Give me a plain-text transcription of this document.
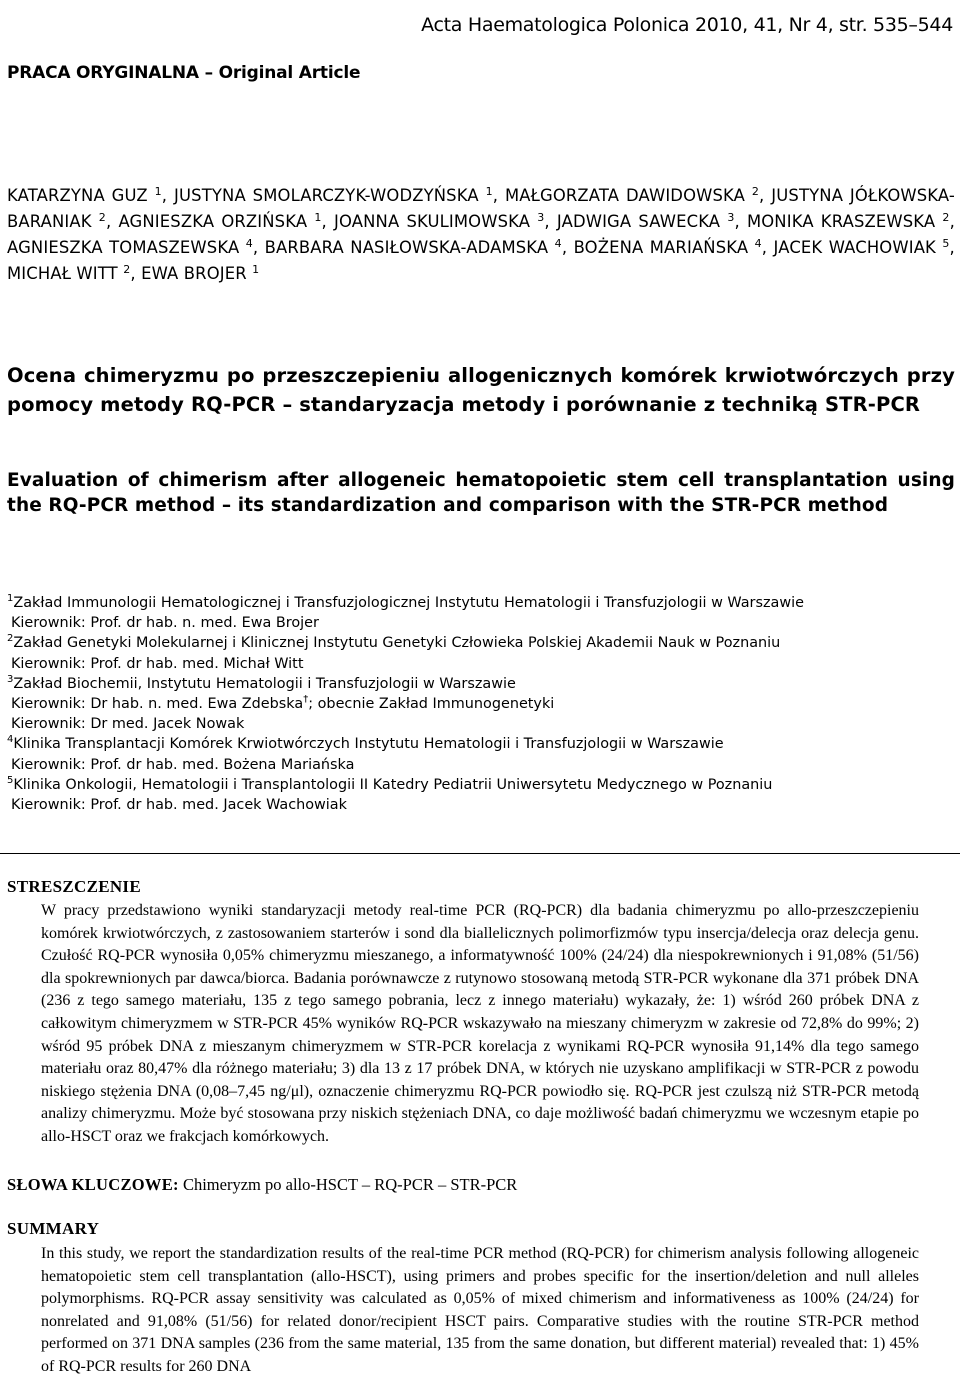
Acta Haematologica Polonica 2010, 41, Nr 4, str. 535–544
PRACA ORYGINALNA – Original Article
KATARZYNA GUZ $^1$, JUSTYNA SMOLARCZYK-WODZYŃSKA $^1$, MAŁGORZATA DAWIDOWSKA $^2$, JUSTYNA JÓŁKOWSKA-BARANIAK $^2$, AGNIESZKA ORZIŃSKA $^1$, JOANNA SKULIMOWSKA $^3$, JADWIGA SAWECKA $^3$, MONIKA KRASZEWSKA $^2$, AGNIESZKA TOMASZEWSKA $^4$, BARBARA NASIŁOWSKA-ADAMSKA $^4$, BOŻENA MARIAŃSKA $^4$, JACEK WACHOWIAK $^5$, MICHAŁ WITT $^2$, EWA BROJER $^1$
Ocena chimeryzmu po przeszczepieniu allogenicznych komórek krwiotwórczych przy pomocy metody RQ-PCR – standaryzacja metody i porównanie z techniką STR-PCR
Evaluation of chimerism after allogeneic hematopoietic stem cell transplantation using the RQ-PCR method – its standardization and comparison with the STR-PCR method
$^1$Zakład Immunologii Hematologicznej i Transfuzjologicznej Instytutu Hematologii i Transfuzjologii w Warszawie
Kierownik: Prof. dr hab. n. med. Ewa Brojer
$^2$Zakład Genetyki Molekularnej i Klinicznej Instytutu Genetyki Człowieka Polskiej Akademii Nauk w Poznaniu
Kierownik: Prof. dr hab. med. Michał Witt
$^3$Zakład Biochemii, Instytutu Hematologii i Transfuzjologii w Warszawie
Kierownik: Dr hab. n. med. Ewa Zdebska†; obecnie Zakład Immunogenetyki
Kierownik: Dr med. Jacek Nowak
$^4$Klinika Transplantacji Komórek Krwiotwórczych Instytutu Hematologii i Transfuzjologii w Warszawie
Kierownik: Prof. dr hab. med. Bożena Mariańska
$^5$Klinika Onkologii, Hematologii i Transplantologii II Katedry Pediatrii Uniwersytetu Medycznego w Poznaniu
Kierownik: Prof. dr hab. med. Jacek Wachowiak
STRESZCZENIE
W pracy przedstawiono wyniki standaryzacji metody real-time PCR (RQ-PCR) dla badania chimeryzmu po allo-przeszczepieniu komórek krwiotwórczych, z zastosowaniem starterów i sond dla biallelicznych polimorfizmów typu insercja/delecja oraz delecja genu. Czułość RQ-PCR wynosiła 0,05% chimeryzmu mieszanego, a informatywność 100% (24/24) dla niespokrewnionych i 91,08% (51/56) dla spokrewnionych par dawca/biorca. Badania porównawcze z rutynowo stosowaną metodą STR-PCR wykonane dla 371 próbek DNA (236 z tego samego materiału, 135 z tego samego pobrania, lecz z innego materiału) wykazały, że: 1) wśród 260 próbek DNA z całkowitym chimeryzmem w STR-PCR 45% wyników RQ-PCR wskazywało na mieszany chimeryzm w zakresie od 72,8% do 99%; 2) wśród 95 próbek DNA z mieszanym chimeryzmem w STR-PCR korelacja z wynikami RQ-PCR wynosiła 91,14% dla tego samego materiału oraz 80,47% dla różnego materiału; 3) dla 13 z 17 próbek DNA, w których nie uzyskano amplifikacji w STR-PCR z powodu niskiego stężenia DNA (0,08–7,45 ng/μl), oznaczenie chimeryzmu RQ-PCR powiodło się. RQ-PCR jest czulszą niż STR-PCR metodą analizy chimeryzmu. Może być stosowana przy niskich stężeniach DNA, co daje możliwość badań chimeryzmu we wczesnym etapie po allo-HSCT oraz we frakcjach komórkowych.
SŁOWA KLUCZOWE: Chimeryzm po allo-HSCT – RQ-PCR – STR-PCR
SUMMARY
In this study, we report the standardization results of the real-time PCR method (RQ-PCR) for chimerism analysis following allogeneic hematopoietic stem cell transplantation (allo-HSCT), using primers and probes specific for the insertion/deletion and null alleles polymorphisms. RQ-PCR assay sensitivity was calculated as 0,05% of mixed chimerism and informativeness as 100% (24/24) for nonrelated and 91,08% (51/56) for related donor/recipient HSCT pairs. Comparative studies with the routine STR-PCR method performed on 371 DNA samples (236 from the same material, 135 from the same donation, but different material) revealed that: 1) 45% of RQ-PCR results for 260 DNA
